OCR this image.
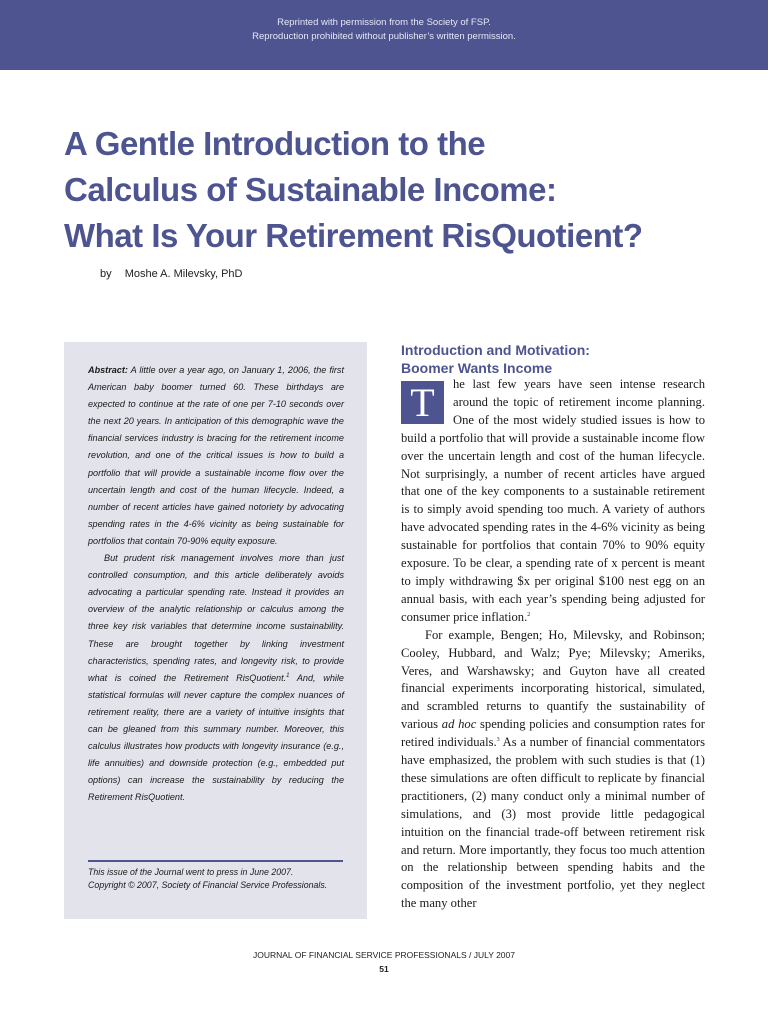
Reprinted with permission from the Society of FSP.
Reproduction prohibited without publisher’s written permission.
A Gentle Introduction to the
Calculus of Sustainable Income:
What Is Your Retirement RisQuotient?
by Moshe A. Milevsky, PhD

Abstract: A little over a year ago, on January 1, 2006, the first American baby boomer turned 60. These birthdays are expected to continue at the rate of one per 7-10 seconds over the next 20 years. In anticipation of this demographic wave the financial services industry is bracing for the retirement income revolution, and one of the critical issues is how to build a portfolio that will provide a sustainable income flow over the uncertain length and cost of the human lifecycle. Indeed, a number of recent articles have gained notoriety by advocating spending rates in the 4-6% vicinity as being sustainable for portfolios that contain 70-90% equity exposure.

But prudent risk management involves more than just controlled consumption, and this article deliberately avoids advocating a particular spending rate. Instead it provides an overview of the analytic relationship or calculus among the three key risk variables that determine income sustainability. These are brought together by linking investment characteristics, spending rates, and longevity risk, to provide what is coined the Retirement RisQuotient.$^1$ And, while statistical formulas will never capture the complex nuances of retirement reality, there are a variety of intuitive insights that can be gleaned from this summary number. Moreover, this calculus illustrates how products with longevity insurance (e.g., life annuities) and downside protection (e.g., embedded put options) can increase the sustainability by reducing the Retirement RisQuotient.

This issue of the Journal went to press in June 2007.
Copyright © 2007, Society of Financial Service Professionals.
Introduction and Motivation:
Boomer Wants Income

T	he last few years have seen intense research around the topic of retirement income planning. One of the most widely studied issues is how to build a portfolio that will provide a sustainable income flow over the uncertain length and cost of the human lifecycle. Not surprisingly, a number of recent articles have argued that one of the key components to a sustainable retirement is to simply avoid spending too much. A variety of authors have advocated spending rates in the 4-6% vicinity as being sustainable for portfolios that contain 70% to 90% equity exposure. To be clear, a spending rate of x percent is meant to imply withdrawing $x per original $100 nest egg on an annual basis, with each year’s spending being adjusted for consumer price inflation.$^2$

For example, Bengen; Ho, Milevsky, and Robinson; Cooley, Hubbard, and Walz; Pye; Milevsky; Ameriks, Veres, and Warshawsky; and Guyton have all created financial experiments incorporating historical, simulated, and scrambled returns to quantify the sustainability of various ad hoc spending policies and consumption rates for retired individuals.$^3$ As a number of financial commentators have emphasized, the problem with such studies is that (1) these simulations are often difficult to replicate by financial practitioners, (2) many conduct only a minimal number of simulations, and (3) most provide little pedagogical intuition on the financial trade-off between retirement risk and return. More importantly, they focus too much attention on the relationship between spending habits and the composition of the investment portfolio, yet they neglect the many other

JOURNAL OF FINANCIAL SERVICE PROFESSIONALS / JULY 2007
51
